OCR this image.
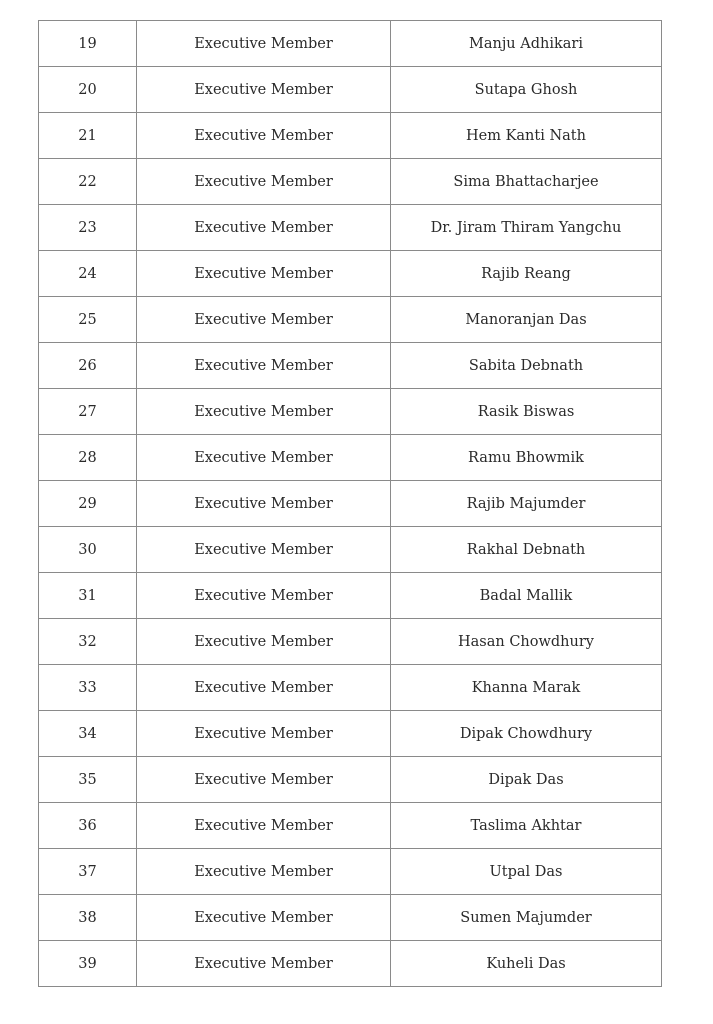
19	Executive Member	Manju Adhikari
20	Executive Member	Sutapa Ghosh
21	Executive Member	Hem Kanti Nath
22	Executive Member	Sima Bhattacharjee
23	Executive Member	Dr. Jiram Thiram Yangchu
24	Executive Member	Rajib Reang
25	Executive Member	Manoranjan Das
26	Executive Member	Sabita Debnath
27	Executive Member	Rasik Biswas
28	Executive Member	Ramu Bhowmik
29	Executive Member	Rajib Majumder
30	Executive Member	Rakhal Debnath
31	Executive Member	Badal Mallik
32	Executive Member	Hasan Chowdhury
33	Executive Member	Khanna Marak
34	Executive Member	Dipak Chowdhury
35	Executive Member	Dipak Das
36	Executive Member	Taslima Akhtar
37	Executive Member	Utpal Das
38	Executive Member	Sumen Majumder
39	Executive Member	Kuheli Das
